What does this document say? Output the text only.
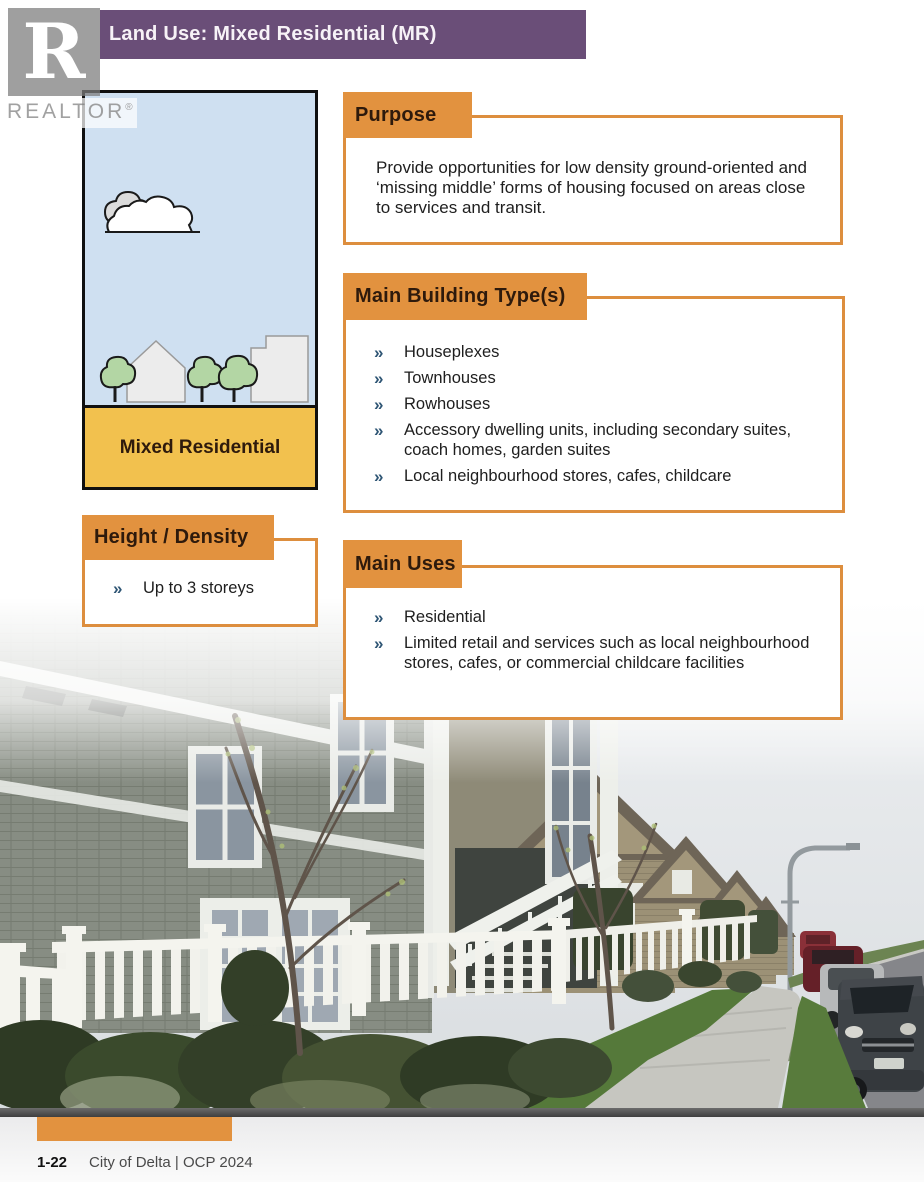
Land Use: Mixed Residential (MR)
R
REALTOR®
Mixed Residential
Purpose
Provide opportunities for low density ground-oriented and ‘missing middle’ forms of housing focused on areas close to services and transit.
Main Building Type(s)
»	Houseplexes
»	Townhouses
»	Rowhouses
»	Accessory dwelling units, including secondary suites, coach homes, garden suites
»	Local neighbourhood stores, cafes, childcare
Height / Density
»	Up to 3 storeys
Main Uses
»	Residential
»	Limited retail and services such as local neighbourhood stores, cafes, or commercial childcare facilities
1-22 City of Delta | OCP 2024
